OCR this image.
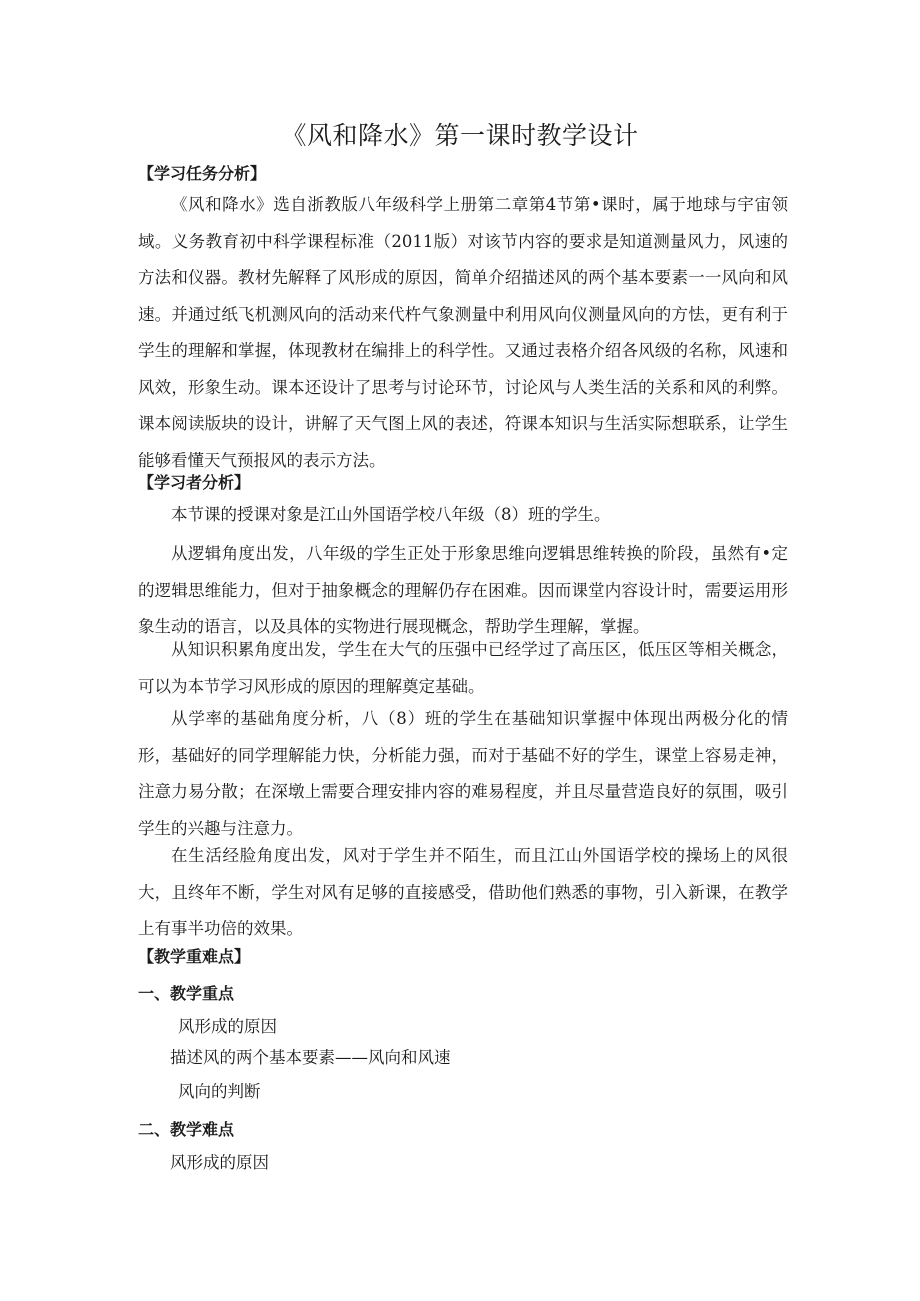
《风和降水》第一课时教学设计
【学习任务分析】

《风和降水》选自浙教版八年级科学上册第二章第4节第•课时，属于地球与宇宙领域。义务教育初中科学课程标准（2011版）对该节内容的要求是知道测量风力，风速的方法和仪器。教材先解释了风形成的原因，简单介绍描述风的两个基本要素一一风向和风速。并通过纸飞机测风向的活动来代杵气象测量中利用风向仪测量风向的方怯，更有利于学生的理解和掌握，体现教材在编排上的科学性。又通过表格介绍各风级的名称，风速和风效，形象生动。课本还设计了思考与讨论环节，讨论风与人类生活的关系和风的利弊。课本阅读版块的设计，讲解了天气图上风的表述，符课本知识与生活实际想联系，让学生能够看懂天气预报风的表示方法。

【学习者分析】

本节课的授课对象是江山外国语学校八年级（8）班的学生。

从逻辑角度出发，八年级的学生正处于形象思维向逻辑思维转换的阶段，虽然有•定的逻辑思维能力，但对于抽象概念的理解仍存在困难。因而课堂内容设计时，需要运用形象生动的语言，以及具体的实物进行展现概念，帮助学生理解，掌握。

从知识积累角度出发，学生在大气的压强中已经学过了高压区，低压区等相关概念，可以为本节学习风形成的原因的理解奠定基础。

从学率的基础角度分析，八（8）班的学生在基础知识掌握中体现出两极分化的情形，基础好的同学理解能力快，分析能力强，而对于基础不好的学生，课堂上容易走神，注意力易分散；在深墩上需要合理安排内容的难易程度，并且尽量营造良好的氛围，吸引学生的兴趣与注意力。

在生活经脸角度出发，风对于学生并不陌生，而且江山外国语学校的操场上的风很大，且终年不断，学生对风有足够的直接感受，借助他们熟悉的事物，引入新课，在教学上有事半功倍的效果。

【教学重难点】
一、教学重点
风形成的原因
描述风的两个基本要素——风向和风速
风向的判断
二、教学难点
风形成的原因
